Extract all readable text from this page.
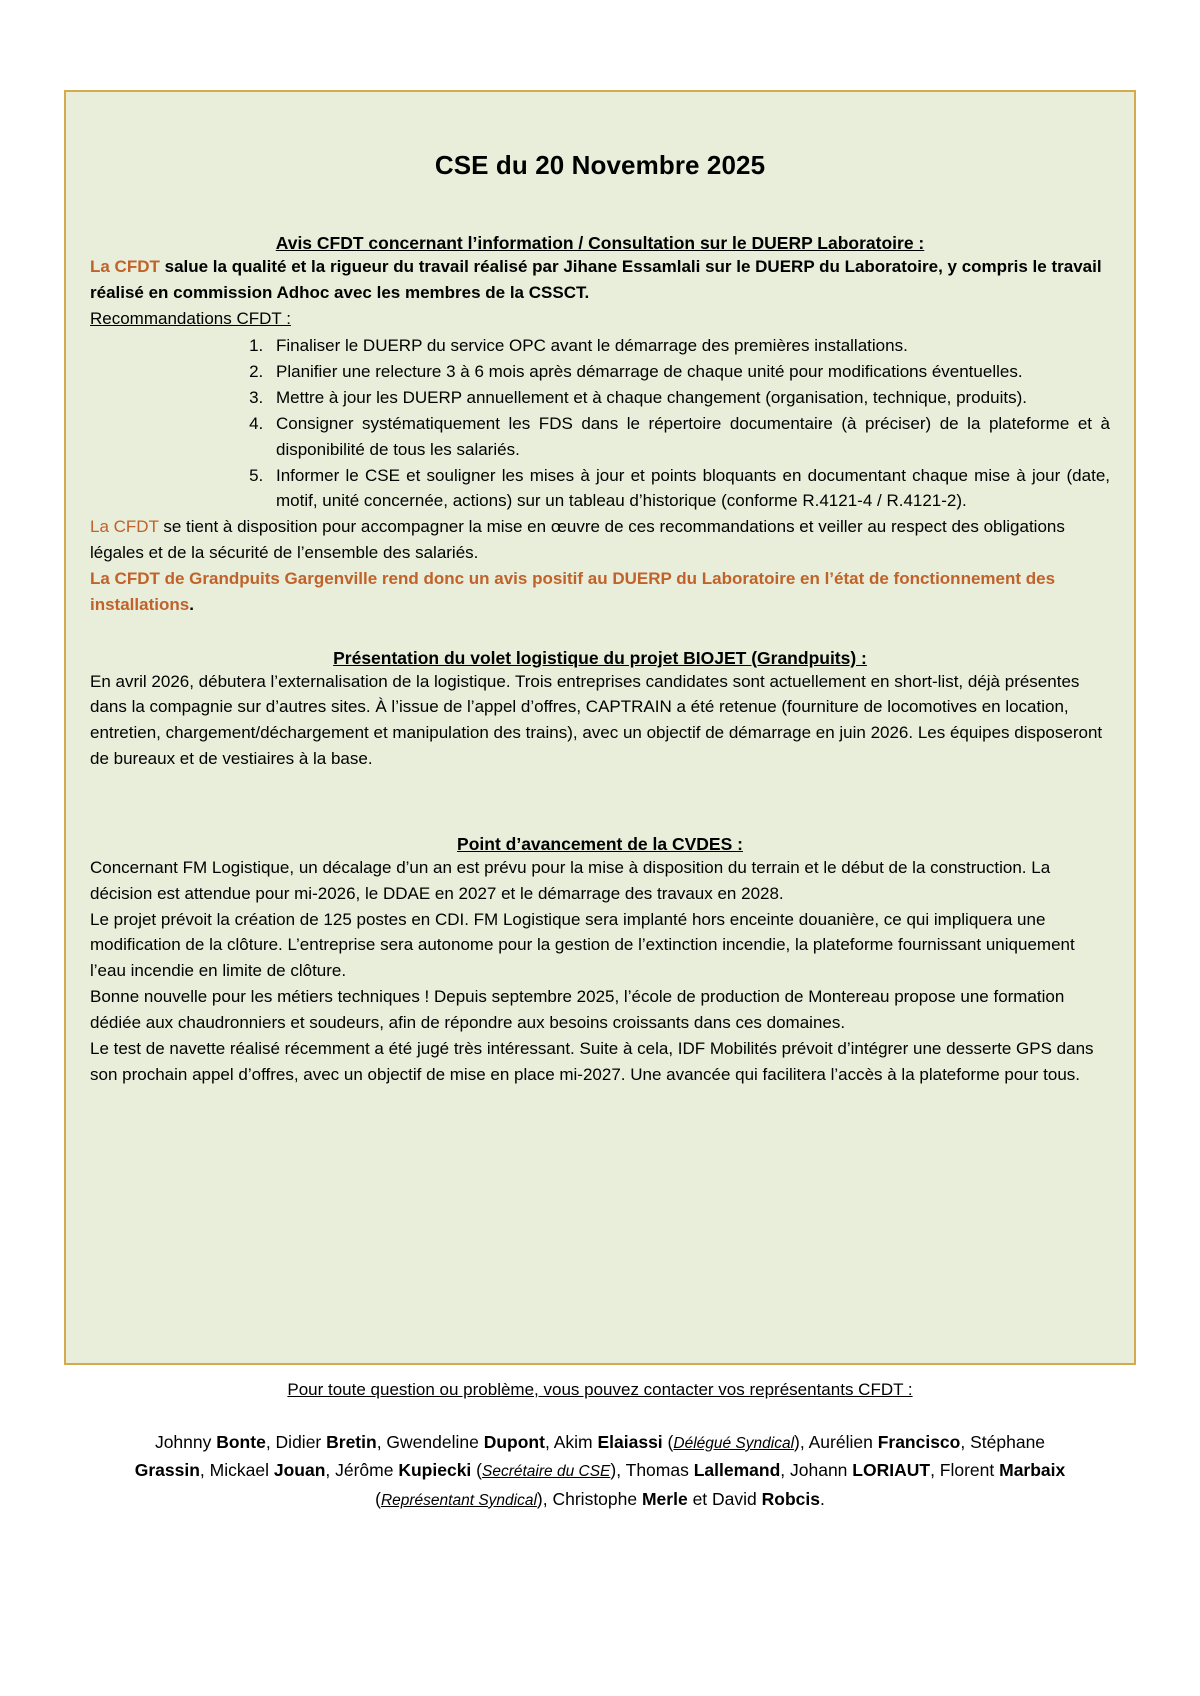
CSE du 20 Novembre 2025

Avis CFDT concernant l’information / Consultation sur le DUERP Laboratoire :

La CFDT salue la qualité et la rigueur du travail réalisé par Jihane Essamlali sur le DUERP du Laboratoire, y compris le travail réalisé en commission Adhoc avec les membres de la CSSCT.

Recommandations CFDT :

1. Finaliser le DUERP du service OPC avant le démarrage des premières installations.
2. Planifier une relecture 3 à 6 mois après démarrage de chaque unité pour modifications éventuelles.
3. Mettre à jour les DUERP annuellement et à chaque changement (organisation, technique, produits).
4. Consigner systématiquement les FDS dans le répertoire documentaire (à préciser) de la plateforme et à disponibilité de tous les salariés.
5. Informer le CSE et souligner les mises à jour et points bloquants en documentant chaque mise à jour (date, motif, unité concernée, actions) sur un tableau d’historique (conforme R.4121-4 / R.4121-2).

La CFDT se tient à disposition pour accompagner la mise en œuvre de ces recommandations et veiller au respect des obligations légales et de la sécurité de l’ensemble des salariés.

La CFDT de Grandpuits Gargenville rend donc un avis positif au DUERP du Laboratoire en l’état de fonctionnement des installations.

Présentation du volet logistique du projet BIOJET (Grandpuits) :

En avril 2026, débutera l’externalisation de la logistique. Trois entreprises candidates sont actuellement en short-list, déjà présentes dans la compagnie sur d’autres sites. À l’issue de l’appel d’offres, CAPTRAIN a été retenue (fourniture de locomotives en location, entretien, chargement/déchargement et manipulation des trains), avec un objectif de démarrage en juin 2026. Les équipes disposeront de bureaux et de vestiaires à la base.

Point d’avancement de la CVDES :

Concernant FM Logistique, un décalage d’un an est prévu pour la mise à disposition du terrain et le début de la construction. La décision est attendue pour mi-2026, le DDAE en 2027 et le démarrage des travaux en 2028.

Le projet prévoit la création de 125 postes en CDI. FM Logistique sera implanté hors enceinte douanière, ce qui impliquera une modification de la clôture. L’entreprise sera autonome pour la gestion de l’extinction incendie, la plateforme fournissant uniquement l’eau incendie en limite de clôture.

Bonne nouvelle pour les métiers techniques ! Depuis septembre 2025, l’école de production de Montereau propose une formation dédiée aux chaudronniers et soudeurs, afin de répondre aux besoins croissants dans ces domaines.

Le test de navette réalisé récemment a été jugé très intéressant. Suite à cela, IDF Mobilités prévoit d’intégrer une desserte GPS dans son prochain appel d’offres, avec un objectif de mise en place mi-2027. Une avancée qui facilitera l’accès à la plateforme pour tous.

Pour toute question ou problème, vous pouvez contacter vos représentants CFDT :

Johnny Bonte, Didier Bretin, Gwendeline Dupont, Akim Elaiassi (Délégué Syndical), Aurélien Francisco, Stéphane Grassin, Mickael Jouan, Jérôme Kupiecki (Secrétaire du CSE), Thomas Lallemand, Johann LORIAUT, Florent Marbaix (Représentant Syndical), Christophe Merle et David Robcis.
